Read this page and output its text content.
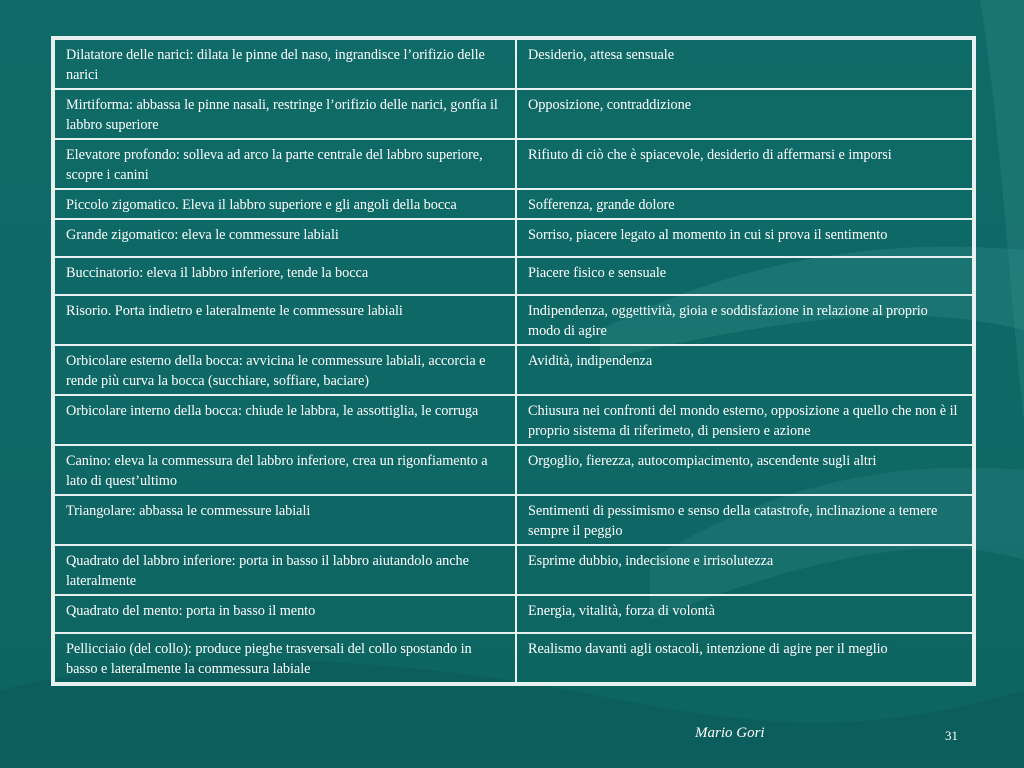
Dilatatore delle narici: dilata le pinne del naso, ingrandisce l’orifizio delle narici	Desiderio, attesa sensuale
Mirtiforma: abbassa le pinne nasali, restringe l’orifizio delle narici, gonfia il labbro superiore	Opposizione, contraddizione
Elevatore profondo: solleva ad arco la parte centrale del labbro superiore, scopre i canini	Rifiuto di ciò che è spiacevole, desiderio di affermarsi e imporsi
Piccolo zigomatico. Eleva il labbro superiore e gli angoli della bocca	Sofferenza, grande dolore
Grande zigomatico: eleva le commessure labiali	Sorriso, piacere legato al momento in cui si prova il sentimento
Buccinatorio: eleva il labbro inferiore, tende la bocca	Piacere fisico e sensuale
Risorio. Porta indietro e lateralmente le commessure labiali	Indipendenza, oggettività, gioia e soddisfazione in relazione al proprio modo di agire
Orbicolare esterno della bocca: avvicina le commessure labiali, accorcia e rende più curva la bocca (succhiare, soffiare, baciare)	Avidità, indipendenza
Orbicolare interno della bocca: chiude le labbra, le assottiglia, le corruga	Chiusura nei confronti del mondo esterno, opposizione a quello che non è il proprio sistema di riferimeto, di pensiero e azione
Canino: eleva la commessura del labbro inferiore, crea un rigonfiamento a lato di quest’ultimo	Orgoglio, fierezza, autocompiacimento, ascendente sugli altri
Triangolare: abbassa le commessure labiali	Sentimenti di pessimismo e senso della catastrofe, inclinazione a temere sempre il peggio
Quadrato del labbro inferiore: porta in basso il labbro aiutandolo anche lateralmente	Esprime dubbio, indecisione e irrisolutezza
Quadrato del mento: porta in basso il mento	Energia, vitalità, forza di volontà
Pellicciaio (del collo): produce pieghe trasversali del collo spostando in basso e lateralmente la commessura labiale	Realismo davanti agli ostacoli, intenzione di agire per il meglio
Mario Gori	31
